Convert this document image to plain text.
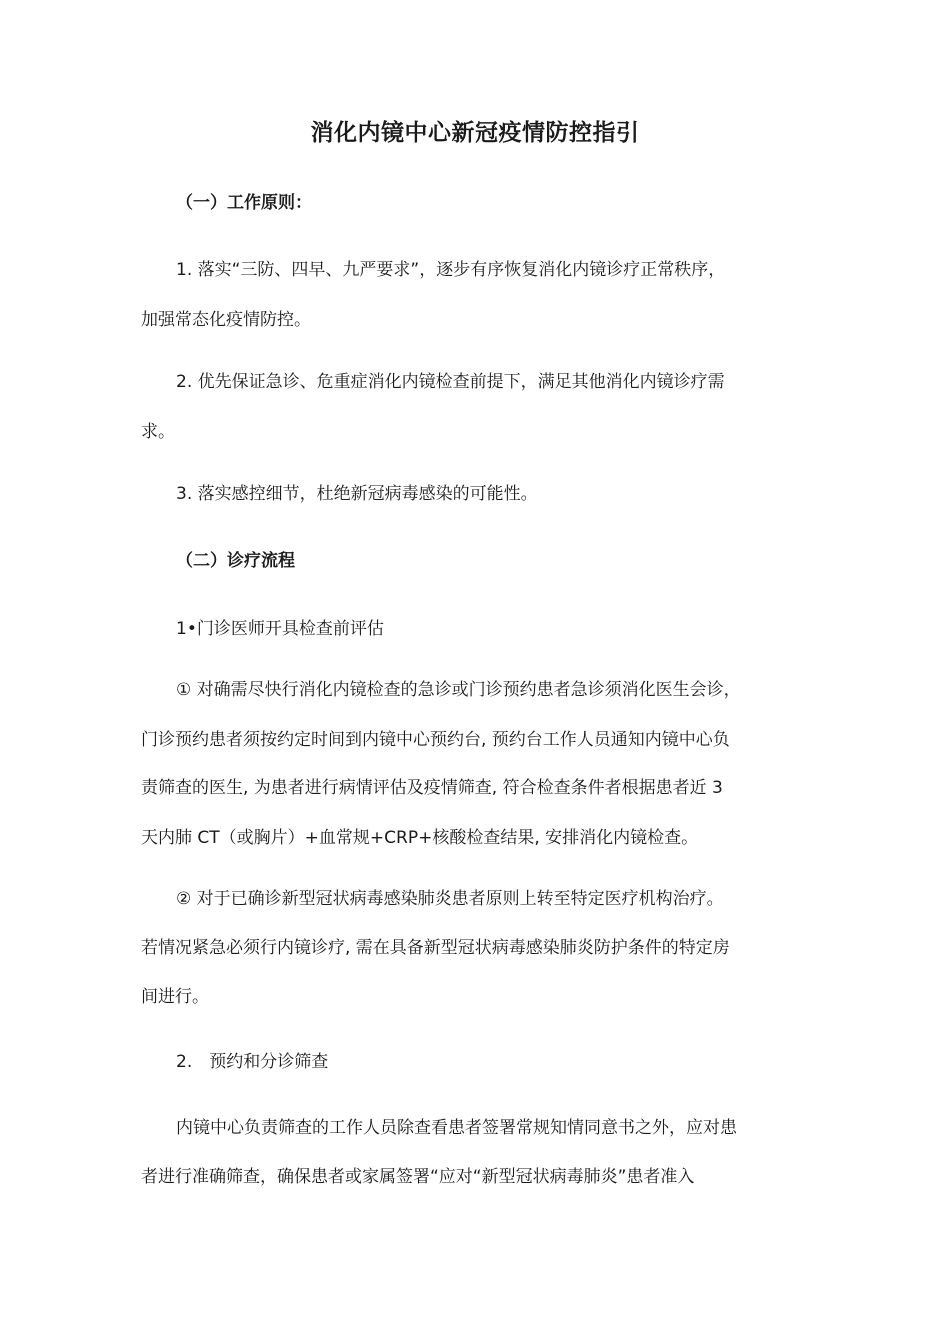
消化内镜中心新冠疫情防控指引

（一）工作原则：

1. 落实“三防、四早、九严要求”，逐步有序恢复消化内镜诊疗正常秩序，

加强常态化疫情防控。

2. 优先保证急诊、危重症消化内镜检查前提下，满足其他消化内镜诊疗需

求。

3. 落实感控细节，杜绝新冠病毒感染的可能性。

（二）诊疗流程

1•门诊医师开具检查前评估

① 对确需尽快行消化内镜检查的急诊或门诊预约患者急诊须消化医生会诊，

门诊预约患者须按约定时间到内镜中心预约台, 预约台工作人员通知内镜中心负

责筛查的医生, 为患者进行病情评估及疫情筛查, 符合检查条件者根据患者近 3

天内肺 CT（或胸片）+血常规+CRP+核酸检查结果, 安排消化内镜检查。

② 对于已确诊新型冠状病毒感染肺炎患者原则上转至特定医疗机构治疗。

若情况紧急必须行内镜诊疗, 需在具备新型冠状病毒感染肺炎防护条件的特定房

间进行。

2.　预约和分诊筛查

内镜中心负责筛查的工作人员除查看患者签署常规知情同意书之外，应对患

者进行准确筛查，确保患者或家属签署“应对“新型冠状病毒肺炎”患者准入
